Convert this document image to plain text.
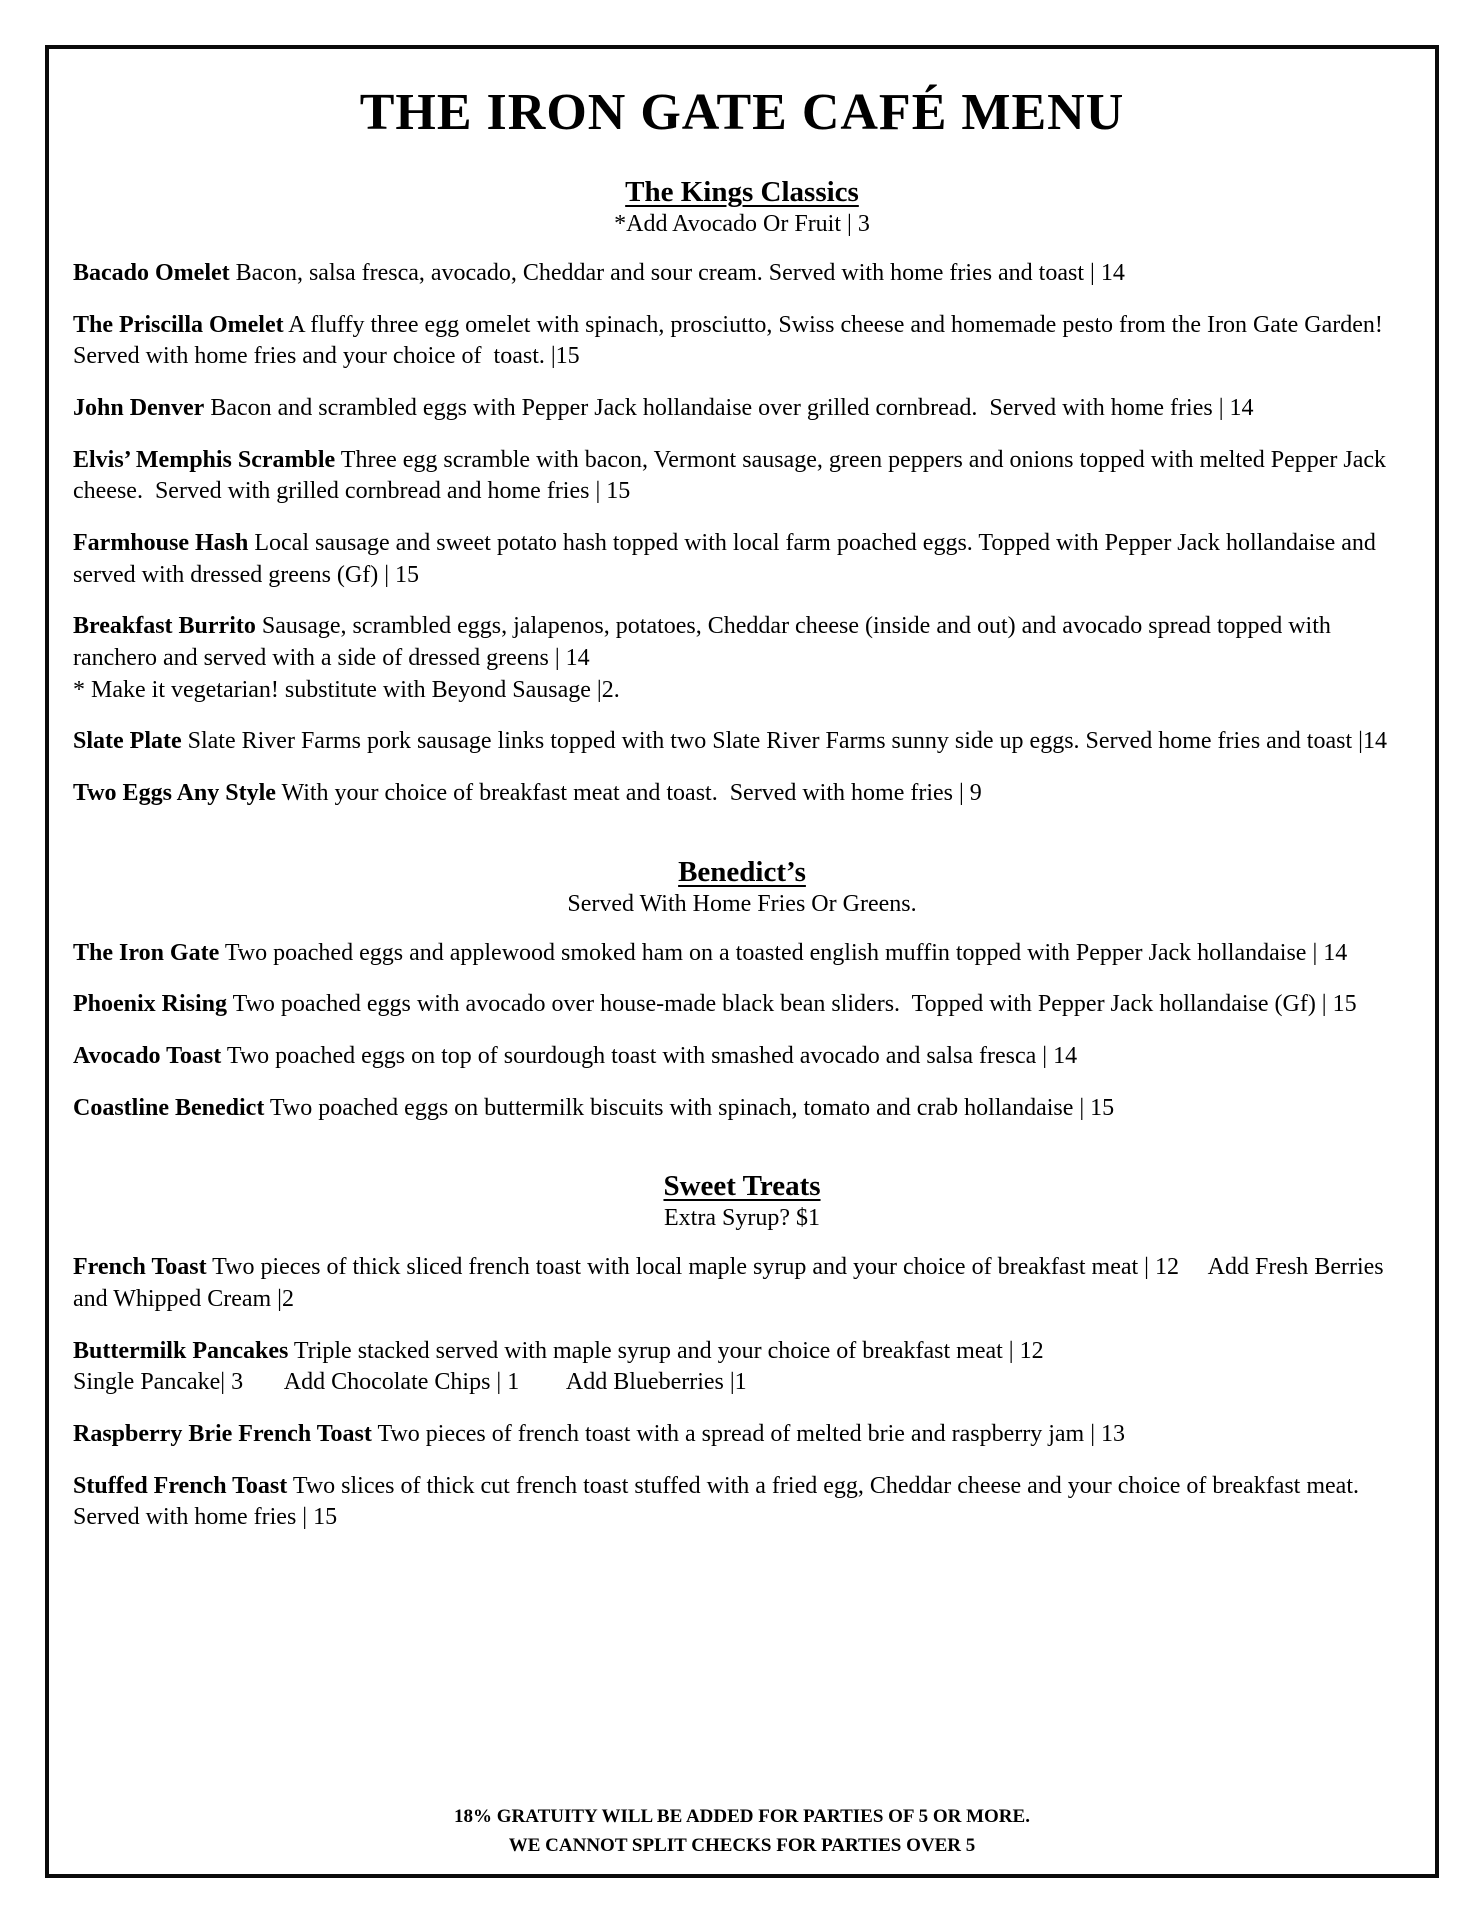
THE IRON GATE CAFÉ MENU
The Kings Classics
*Add Avocado Or Fruit | 3

Bacado Omelet Bacon, salsa fresca, avocado, Cheddar and sour cream. Served with home fries and toast | 14

The Priscilla Omelet A fluffy three egg omelet with spinach, prosciutto, Swiss cheese and homemade pesto from the Iron Gate Garden! Served with home fries and your choice of  toast. |15

John Denver Bacon and scrambled eggs with Pepper Jack hollandaise over grilled cornbread.  Served with home fries | 14

Elvis’ Memphis Scramble Three egg scramble with bacon, Vermont sausage, green peppers and onions topped with melted Pepper Jack cheese.  Served with grilled cornbread and home fries | 15

Farmhouse Hash Local sausage and sweet potato hash topped with local farm poached eggs. Topped with Pepper Jack hollandaise and served with dressed greens (Gf) | 15

Breakfast Burrito Sausage, scrambled eggs, jalapenos, potatoes, Cheddar cheese (inside and out) and avocado spread topped with ranchero and served with a side of dressed greens | 14
* Make it vegetarian! substitute with Beyond Sausage |2.

Slate Plate Slate River Farms pork sausage links topped with two Slate River Farms sunny side up eggs. Served home fries and toast |14

Two Eggs Any Style With your choice of breakfast meat and toast.  Served with home fries | 9

Benedict’s
Served With Home Fries Or Greens.

The Iron Gate Two poached eggs and applewood smoked ham on a toasted english muffin topped with Pepper Jack hollandaise | 14

Phoenix Rising Two poached eggs with avocado over house-made black bean sliders.  Topped with Pepper Jack hollandaise (Gf) | 15

Avocado Toast Two poached eggs on top of sourdough toast with smashed avocado and salsa fresca | 14

Coastline Benedict Two poached eggs on buttermilk biscuits with spinach, tomato and crab hollandaise | 15

Sweet Treats
Extra Syrup? $1

French Toast Two pieces of thick sliced french toast with local maple syrup and your choice of breakfast meat | 12     Add Fresh Berries and Whipped Cream |2

Buttermilk Pancakes Triple stacked served with maple syrup and your choice of breakfast meat | 12
Single Pancake| 3       Add Chocolate Chips | 1        Add Blueberries |1

Raspberry Brie French Toast Two pieces of french toast with a spread of melted brie and raspberry jam | 13

Stuffed French Toast Two slices of thick cut french toast stuffed with a fried egg, Cheddar cheese and your choice of breakfast meat.  Served with home fries | 15

18% GRATUITY WILL BE ADDED FOR PARTIES OF 5 OR MORE.
WE CANNOT SPLIT CHECKS FOR PARTIES OVER 5
